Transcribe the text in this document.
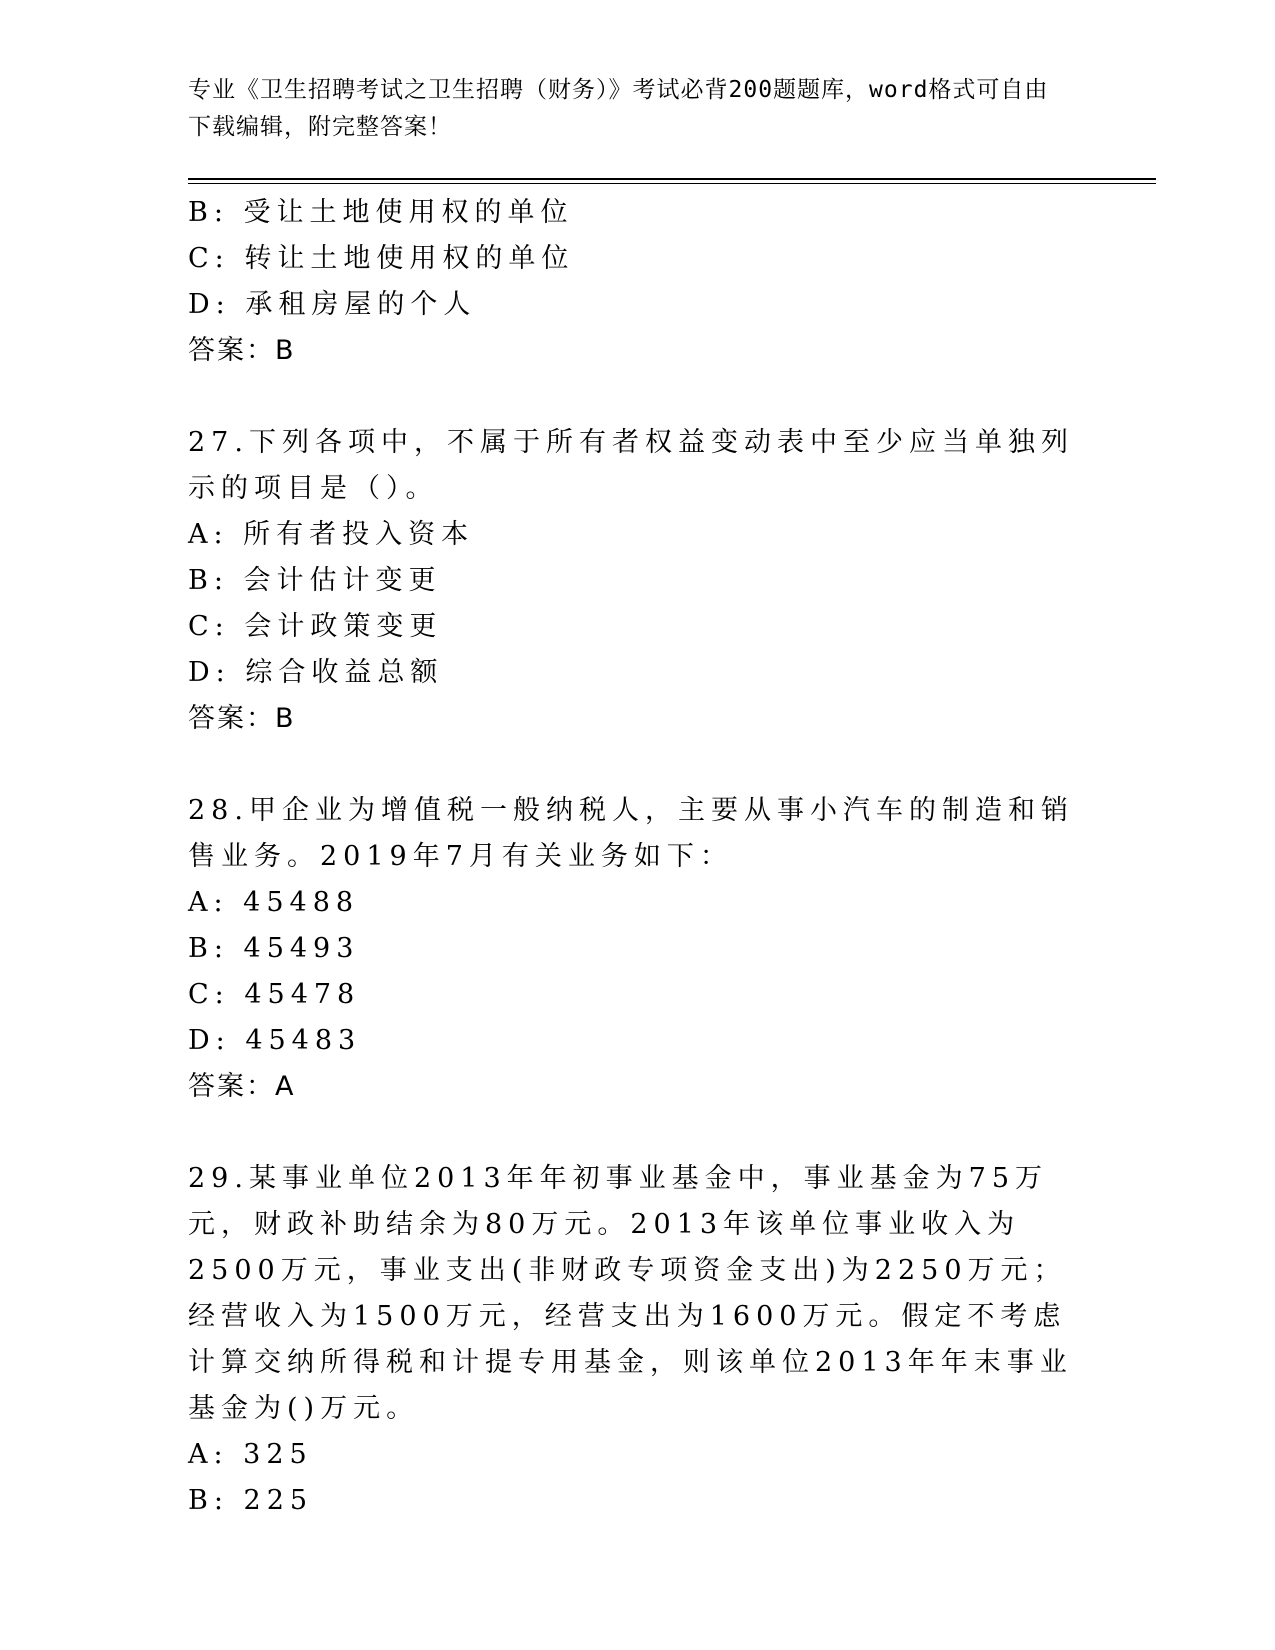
专业《卫生招聘考试之卫生招聘（财务）》考试必背200题题库，word格式可自由下载编辑，附完整答案！
B: 受让土地使用权的单位
C: 转让土地使用权的单位
D: 承租房屋的个人
答案：B
27.下列各项中，不属于所有者权益变动表中至少应当单独列示的项目是（）。
A: 所有者投入资本
B: 会计估计变更
C: 会计政策变更
D: 综合收益总额
答案：B
28.甲企业为增值税一般纳税人，主要从事小汽车的制造和销售业务。2019年7月有关业务如下：
A: 45488
B: 45493
C: 45478
D: 45483
答案：A
29.某事业单位2013年年初事业基金中，事业基金为75万元，财政补助结余为80万元。2013年该单位事业收入为2500万元，事业支出(非财政专项资金支出)为2250万元；经营收入为1500万元，经营支出为1600万元。假定不考虑计算交纳所得税和计提专用基金，则该单位2013年年末事业基金为()万元。
A: 325
B: 225
